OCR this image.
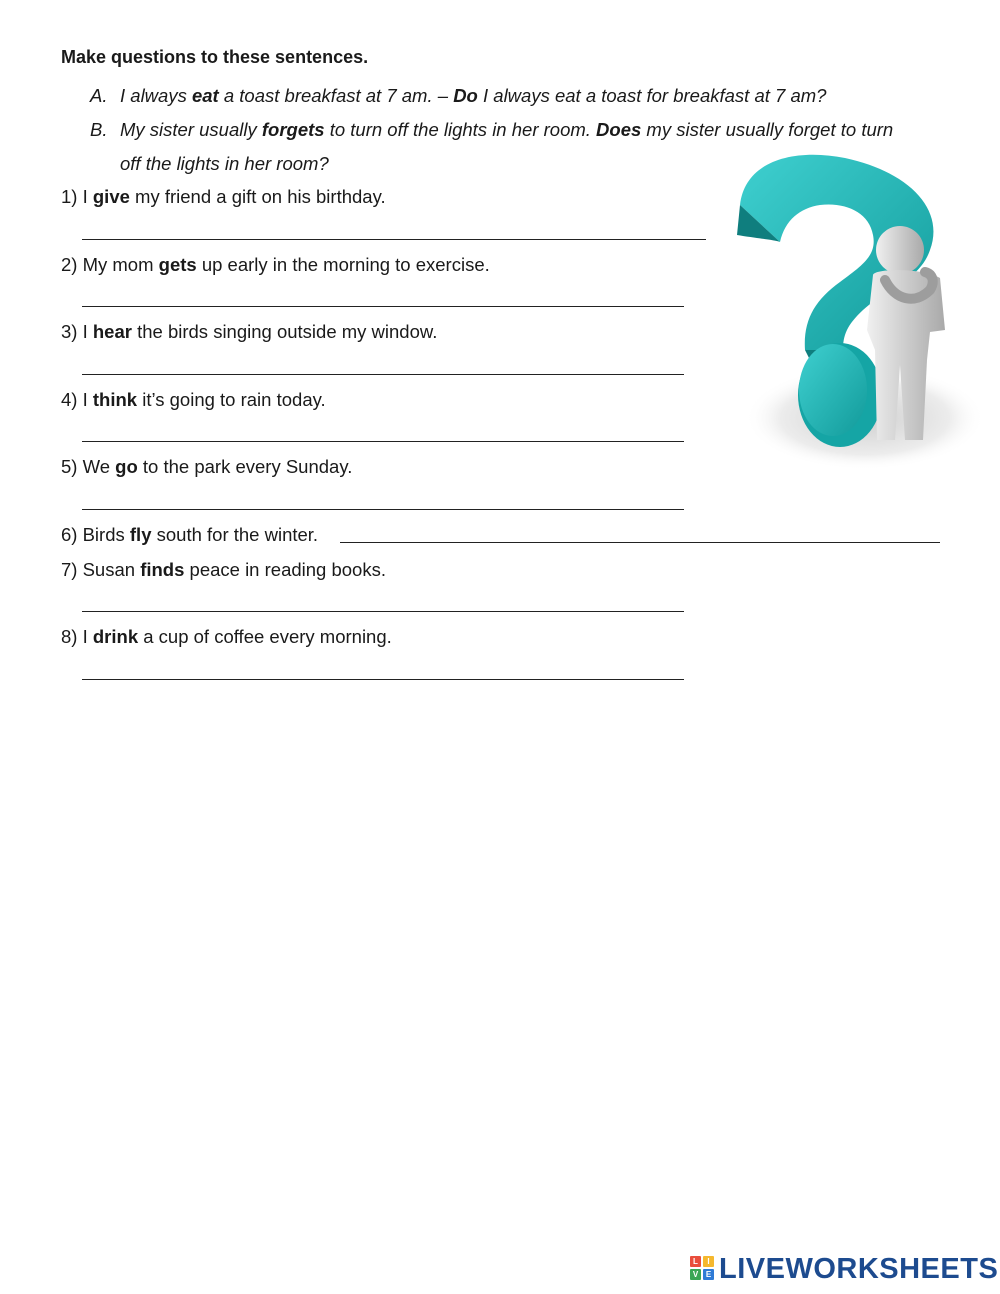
Make questions to these sentences.
A. I always eat a toast breakfast at 7 am. – Do I always eat a toast for breakfast at 7 am?
B. My sister usually forgets to turn off the lights in her room. Does my sister usually forget to turn
off the lights in her room?
1) I give my friend a gift on his birthday.
2) My mom gets up early in the morning to exercise.
3) I hear the birds singing outside my window.
4) I think it’s going to rain today.
5) We go to the park every Sunday.
6) Birds fly south for the winter.
7) Susan finds peace in reading books.
8) I drink a cup of coffee every morning.
L	I
V E LIVEWORKSHEETS
